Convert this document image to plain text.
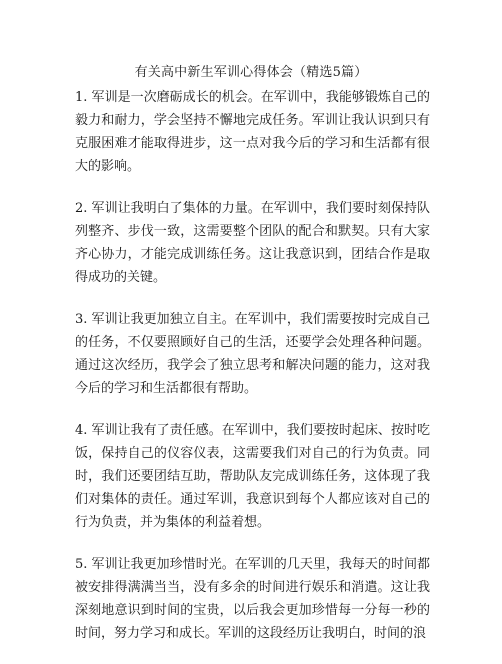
有关高中新生军训心得体会（精选5篇）

1. 军训是一次磨砺成长的机会。在军训中，我能够锻炼自己的毅力和耐力，学会坚持不懈地完成任务。军训让我认识到只有克服困难才能取得进步，这一点对我今后的学习和生活都有很大的影响。

2. 军训让我明白了集体的力量。在军训中，我们要时刻保持队列整齐、步伐一致，这需要整个团队的配合和默契。只有大家齐心协力，才能完成训练任务。这让我意识到，团结合作是取得成功的关键。

3. 军训让我更加独立自主。在军训中，我们需要按时完成自己的任务，不仅要照顾好自己的生活，还要学会处理各种问题。通过这次经历，我学会了独立思考和解决问题的能力，这对我今后的学习和生活都很有帮助。

4. 军训让我有了责任感。在军训中，我们要按时起床、按时吃饭，保持自己的仪容仪表，这需要我们对自己的行为负责。同时，我们还要团结互助，帮助队友完成训练任务，这体现了我们对集体的责任。通过军训，我意识到每个人都应该对自己的行为负责，并为集体的利益着想。

5. 军训让我更加珍惜时光。在军训的几天里，我每天的时间都被安排得满满当当，没有多余的时间进行娱乐和消遣。这让我深刻地意识到时间的宝贵，以后我会更加珍惜每一分每一秒的时间，努力学习和成长。军训的这段经历让我明白，时间的浪
